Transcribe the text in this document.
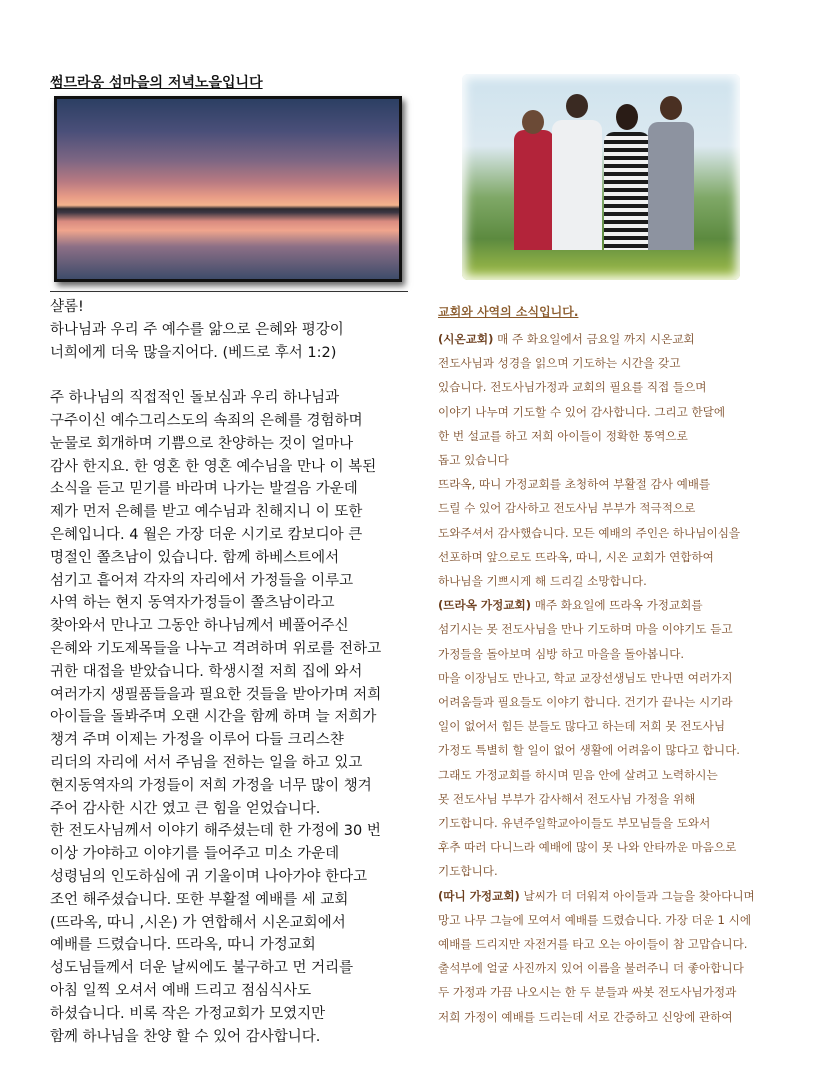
썸므라옹 섬마을의 저녁노을입니다
샬롬!
하나님과 우리 주 예수를 앎으로 은혜와 평강이
너희에게 더욱 많을지어다. (베드로 후서 1:2)

주 하나님의 직접적인 돌보심과 우리 하나님과
구주이신 예수그리스도의 속죄의 은혜를 경험하며
눈물로 회개하며 기쁨으로 찬양하는 것이 얼마나
감사 한지요. 한 영혼 한 영혼 예수님을 만나 이 복된
소식을 듣고 믿기를 바라며 나가는 발걸음 가운데
제가 먼저 은혜를 받고 예수님과 친해지니 이 또한
은혜입니다. 4 월은 가장 더운 시기로 캄보디아 큰
명절인 쫄츠남이 있습니다. 함께 하베스트에서
섬기고 흩어져 각자의 자리에서 가정들을 이루고
사역 하는 현지 동역자가정들이 쫄츠남이라고
찾아와서 만나고 그동안 하나님께서 베풀어주신
은혜와 기도제목들을 나누고 격려하며 위로를 전하고
귀한 대접을 받았습니다. 학생시절 저희 집에 와서
여러가지 생필품들을과 필요한 것들을 받아가며 저희
아이들을 돌봐주며 오랜 시간을 함께 하며 늘 저희가
챙겨 주며 이제는 가정을 이루어 다들 크리스챤
리더의 자리에 서서 주님을 전하는 일을 하고 있고
현지동역자의 가정들이 저희 가정을 너무 많이 챙겨
주어 감사한 시간 였고 큰 힘을 얻었습니다.
한 전도사님께서 이야기 해주셨는데 한 가정에 30 번
이상 가야하고 이야기를 들어주고 미소 가운데
성령님의 인도하심에 귀 기울이며 나아가야 한다고
조언 해주셨습니다. 또한 부활절 예배를 세 교회
(뜨라옥, 따니 ,시온) 가 연합해서 시온교회에서
예배를 드렸습니다. 뜨라옥, 따니 가정교회
성도님들께서 더운 날씨에도 불구하고 먼 거리를
아침 일찍 오셔서 예배 드리고 점심식사도
하셨습니다. 비록 작은 가정교회가 모였지만
함께 하나님을 찬양 할 수 있어 감사합니다.
교회와 사역의 소식입니다.
(시온교회) 매 주 화요일에서 금요일 까지 시온교회
전도사님과 성경을 읽으며 기도하는 시간을 갖고
있습니다. 전도사님가정과 교회의 필요를 직접 들으며
이야기 나누며 기도할 수 있어 감사합니다. 그리고 한달에
한 번 설교를 하고 저희 아이들이 정확한 통역으로
돕고 있습니다
뜨라옥, 따니 가정교회를 초청하여 부활절 감사 예배를
드릴 수 있어 감사하고 전도사님 부부가 적극적으로
도와주셔서 감사했습니다. 모든 예배의 주인은 하나님이심을
선포하며 앞으로도 뜨라옥, 따니, 시온 교회가 연합하여
하나님을 기쁘시게 해 드리길 소망합니다.
(뜨라옥 가정교회) 매주 화요일에 뜨라옥 가정교회를
섬기시는 못 전도사님을 만나 기도하며 마을 이야기도 듣고
가정들을 돌아보며 심방 하고 마을을 돌아봅니다.
마을 이장님도 만나고, 학교 교장선생님도 만나면 여러가지
어려움들과 필요들도 이야기 합니다. 건기가 끝나는 시기라
일이 없어서 힘든 분들도 많다고 하는데 저희 못 전도사님
가정도 특별히 할 일이 없어 생활에 어려움이 많다고 합니다.
그래도 가정교회를 하시며 믿음 안에 살려고 노력하시는
못 전도사님 부부가 감사해서 전도사님 가정을 위해
기도합니다. 유년주일학교아이들도 부모님들을 도와서
후추 따러 다니느라 예배에 많이 못 나와 안타까운 마음으로
기도합니다.
(따니 가정교회) 날씨가 더 더워져 아이들과 그늘을 찾아다니며
망고 나무 그늘에 모여서 예배를 드렸습니다. 가장 더운 1 시에
예배를 드리지만 자전거를 타고 오는 아이들이 참 고맙습니다.
출석부에 얼굴 사진까지 있어 이름을 불러주니 더 좋아합니다
두 가정과 가끔 나오시는 한 두 분들과 싸봇 전도사님가정과
저희 가정이 예배를 드리는데 서로 간증하고 신앙에 관하여
